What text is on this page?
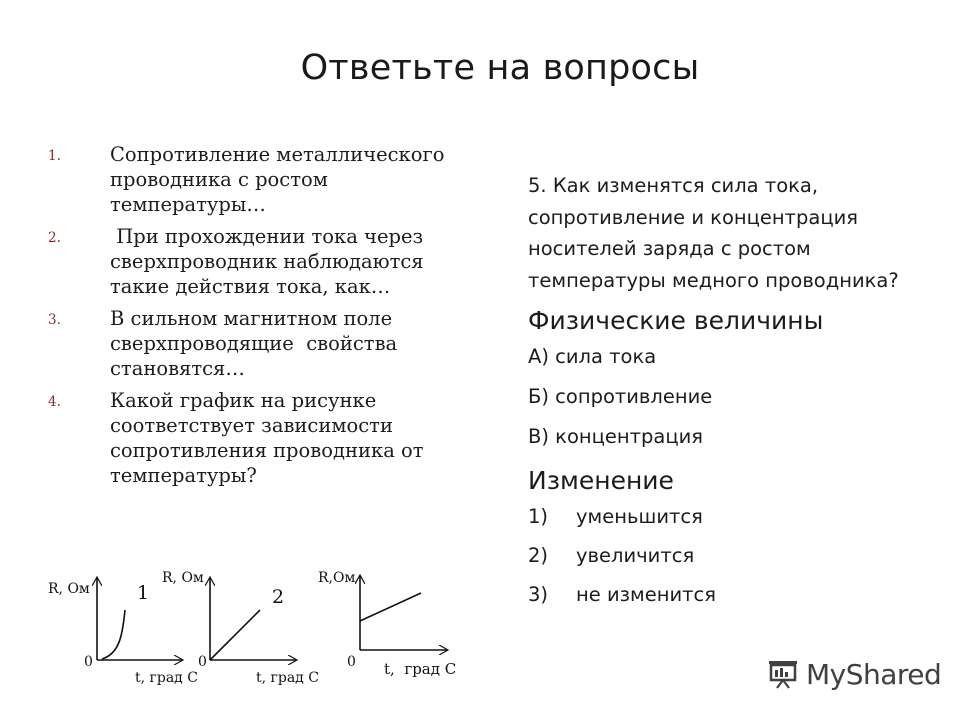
Ответьте на вопросы
1.	Сопротивление металлического проводника с ростом температуры…
2.	При прохождении тока через сверхпроводник наблюдаются такие действия тока, как…
3.	В сильном магнитном поле сверхпроводящие  свойства становятся…
4.	Какой график на рисунке соответствует зависимости сопротивления проводника от температуры?
5. Как изменятся сила тока, сопротивление и концентрация носителей заряда с ростом температуры медного проводника?
Физические величины
А) сила тока
Б) сопротивление
В) концентрация
Изменение
1)	уменьшится
2)	увеличится
3)	не изменится
R, Ом 1
0
t, град С
R, Ом
2
0
t, град С
R,Ом
0 t,  град С	MyShared
